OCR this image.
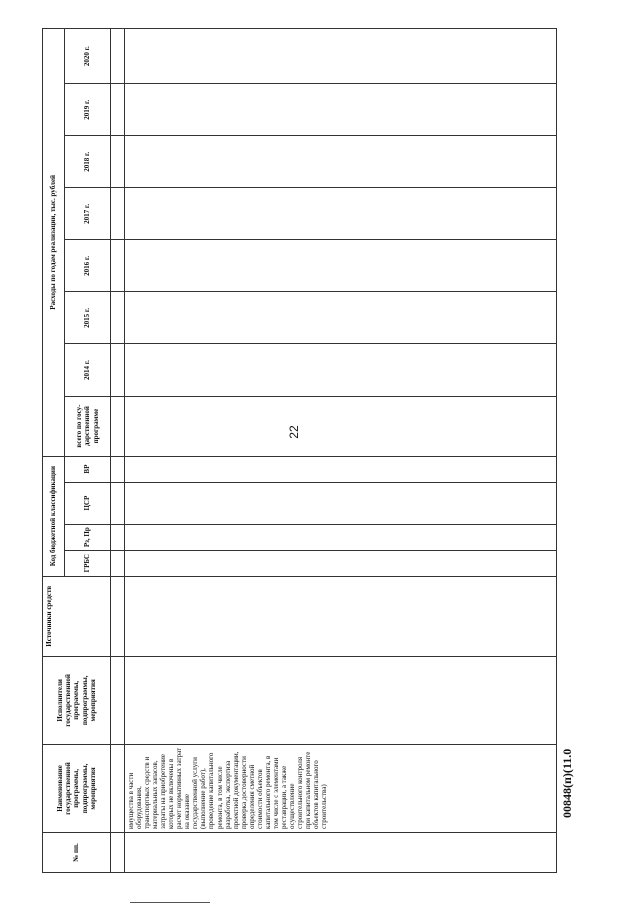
22
№ пп.	Наименование государственной программы, подпрограммы, мероприятия	Исполнители государственной программы, подпрограммы, мероприятия	Источники средств	Код бюджетной классификации				Расходы по годам реализации, тыс. рублей							
				ГРБС	Рз, Пр	ЦСР	ВР	всего по госу- дарственной программе	2014 г.	2015 г.	2016 г.	2017 г.	2018 г.	2019 г.	2020 г.

	имущества в части оборудования, транспортных средств и материальных запасов, затраты на приобретение которых не включены в расчет нормативных затрат на оказание государственной услуги (выполнение работ), проведение капитального ремонта, в том числе разработка, экспертиза проектной документации, проверка достоверности определения сметной стоимости объектов капитального ремонта, в том числе с элементами реставрации, а также осуществление строительного контроля при капитальном ремонте объектов капитального строительства)															00848(п)(11.0
